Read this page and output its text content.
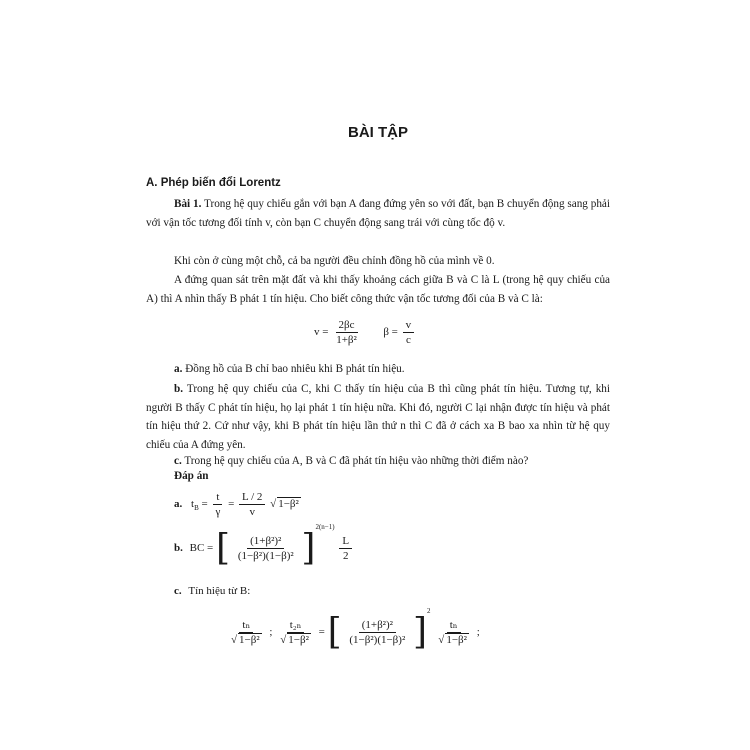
BÀI TẬP
A. Phép biến đổi Lorentz

Bài 1. Trong hệ quy chiếu gắn với bạn A đang đứng yên so với đất, bạn B chuyển động sang phải với vận tốc tương đối tính v, còn bạn C chuyển động sang trái với cùng tốc độ v.

Khi còn ở cùng một chỗ, cả ba người đều chỉnh đồng hồ của mình về 0.

A đứng quan sát trên mặt đất và khi thấy khoảng cách giữa B và C là L (trong hệ quy chiếu của A) thì A nhìn thấy B phát 1 tín hiệu. Cho biết công thức vận tốc tương đối của B và C là:

$v = \frac{2\beta c}{\text{1+β²}}$ $\beta = \frac{v}{c}$

a. Đồng hồ của B chỉ bao nhiêu khi B phát tín hiệu.

b. Trong hệ quy chiếu của C, khi C thấy tín hiệu của B thì cũng phát tín hiệu. Tương tự, khi người B thấy C phát tín hiệu, họ lại phát 1 tín hiệu nữa. Khi đó, người C lại nhận được tín hiệu và phát tín hiệu thứ 2. Cứ như vậy, khi B phát tín hiệu lần thứ n thì C đã ở cách xa B bao xa nhìn từ hệ quy chiếu của A đứng yên.

c. Trong hệ quy chiếu của A, B và C đã phát tín hiệu vào những thời điểm nào?

Đáp án
a. $t_B = \frac{t}{\gamma} = \frac{L / 2}{v}$ √ 1−β²
b. BC = [ $\frac{\text{(1+β²)²}}{\text{(1−β²)(1−β)²}} ]^{2(n-1)}$
$\frac{L}{2}$
c. Tín hiệu từ B:
$\frac{\text{tₙ}}{\text{√ 1−β²}}$ ; $\frac{\text{t₂ₙ}}{\text{√ 1−β²}}$ = [ $\frac{\text{(1+β²)²}}{\text{(1−β²)(1−β)²}} ]^2$
$\frac{\text{tₙ}}{\text{√ 1−β²}}$ ;
